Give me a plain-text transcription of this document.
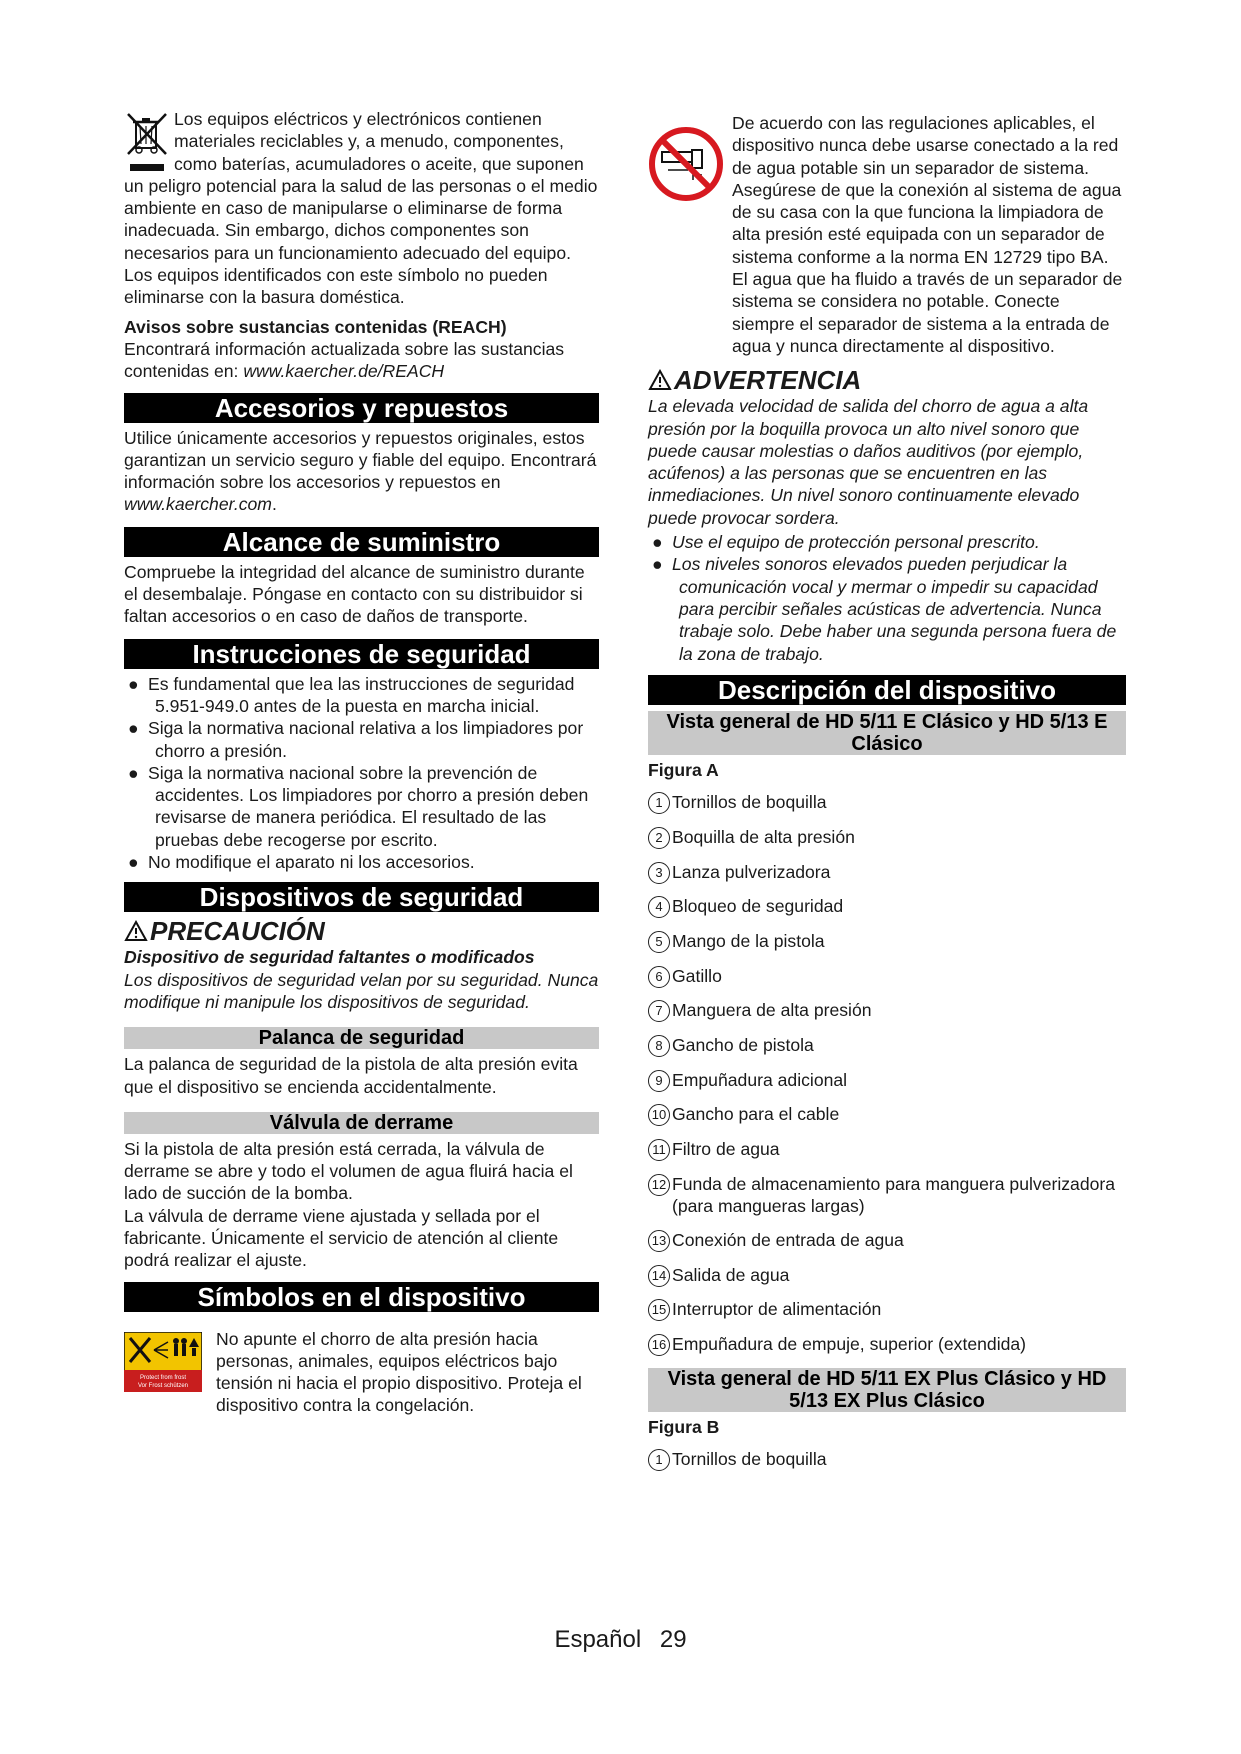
Los equipos eléctricos y electrónicos contienen materiales reciclables y, a menudo, componentes, como baterías, acumuladores o aceite, que suponen un peligro potencial para la salud de las personas o el medio ambiente en caso de manipularse o eliminarse de forma inadecuada. Sin embargo, dichos componentes son necesarios para un funcionamiento adecuado del equipo. Los equipos identificados con este símbolo no pueden eliminarse con la basura doméstica.

Avisos sobre sustancias contenidas (REACH)

Encontrará información actualizada sobre las sustancias contenidas en: www.kaercher.de/REACH

Accesorios y repuestos

Utilice únicamente accesorios y repuestos originales, estos garantizan un servicio seguro y fiable del equipo. Encontrará información sobre los accesorios y repuestos en www.kaercher.com.

Alcance de suministro

Compruebe la integridad del alcance de suministro durante el desembalaje. Póngase en contacto con su distribuidor si faltan accesorios o en caso de daños de transporte.

Instrucciones de seguridad
● Es fundamental que lea las instrucciones de seguridad 5.951-949.0 antes de la puesta en marcha inicial.
● Siga la normativa nacional relativa a los limpiadores por chorro a presión.
● Siga la normativa nacional sobre la prevención de accidentes. Los limpiadores por chorro a presión deben revisarse de manera periódica. El resultado de las pruebas debe recogerse por escrito.
● No modifique el aparato ni los accesorios.
Dispositivos de seguridad
PRECAUCIÓN

Dispositivo de seguridad faltantes o modificados

Los dispositivos de seguridad velan por su seguridad. Nunca modifique ni manipule los dispositivos de seguridad.

Palanca de seguridad

La palanca de seguridad de la pistola de alta presión evita que el dispositivo se encienda accidentalmente.

Válvula de derrame

Si la pistola de alta presión está cerrada, la válvula de derrame se abre y todo el volumen de agua fluirá hacia el lado de succión de la bomba.

La válvula de derrame viene ajustada y sellada por el fabricante. Únicamente el servicio de atención al cliente podrá realizar el ajuste.

Símbolos en el dispositivo
Protect from frost
Vor Frost schützen

No apunte el chorro de alta presión hacia personas, animales, equipos eléctricos bajo tensión ni hacia el propio dispositivo. Proteja el dispositivo contra la congelación.

De acuerdo con las regulaciones aplicables, el dispositivo nunca debe usarse conectado a la red de agua potable sin un separador de sistema. Asegúrese de que la conexión al sistema de agua de su casa con la que funciona la limpiadora de alta presión esté equipada con un separador de sistema conforme a la norma EN 12729 tipo BA. El agua que ha fluido a través de un separador de sistema se considera no potable. Conecte siempre el separador de sistema a la entrada de agua y nunca directamente al dispositivo.

ADVERTENCIA

La elevada velocidad de salida del chorro de agua a alta presión por la boquilla provoca un alto nivel sonoro que puede causar molestias o daños auditivos (por ejemplo, acúfenos) a las personas que se encuentren en las inmediaciones. Un nivel sonoro continuamente elevado puede provocar sordera.

● Use el equipo de protección personal prescrito.
● Los niveles sonoros elevados pueden perjudicar la comunicación vocal y mermar o impedir su capacidad para percibir señales acústicas de advertencia. Nunca trabaje solo. Debe haber una segunda persona fuera de la zona de trabajo.
Descripción del dispositivo
Vista general de HD 5/11 E Clásico y HD 5/13 E Clásico
Figura A
1 Tornillos de boquilla
2 Boquilla de alta presión
3 Lanza pulverizadora
4 Bloqueo de seguridad
5 Mango de la pistola
6 Gatillo
7 Manguera de alta presión
8 Gancho de pistola
9 Empuñadura adicional
10 Gancho para el cable
11 Filtro de agua
12 Funda de almacenamiento para manguera pulverizadora (para mangueras largas)
13 Conexión de entrada de agua
14 Salida de agua
15 Interruptor de alimentación
16 Empuñadura de empuje, superior (extendida)
Vista general de HD 5/11 EX Plus Clásico y HD 5/13 EX Plus Clásico
Figura B
1 Tornillos de boquilla
Español 29
